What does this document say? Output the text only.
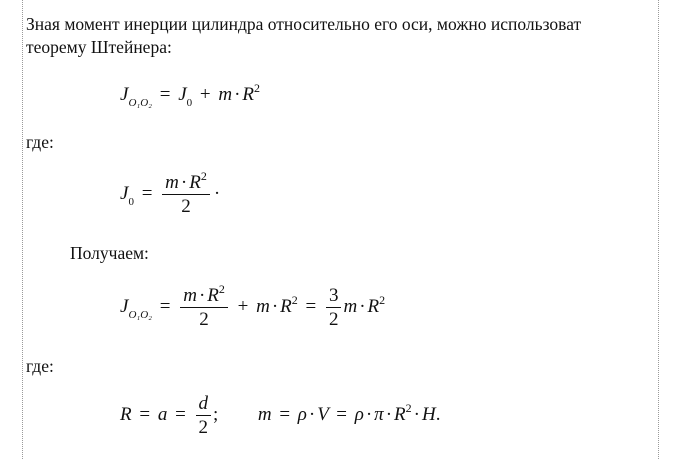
Зная момент инерции цилиндра относительно его оси, можно использоват
теорему Штейнера:
$J_{O_1O_2} = J_0 + m \cdot R^2$
где:
$J_0 = \frac{m \cdot R^2}{2}$ ·
Получаем:
$J_{O_1O_2} = \frac{m \cdot R^2}{2} + m \cdot R^2 = \frac{3}{2}$ $m \cdot R^2$
где:
$R = a = \frac{d}{2}$ ; $m = \rho \cdot V = \rho \cdot \pi \cdot R^2 \cdot H$.
